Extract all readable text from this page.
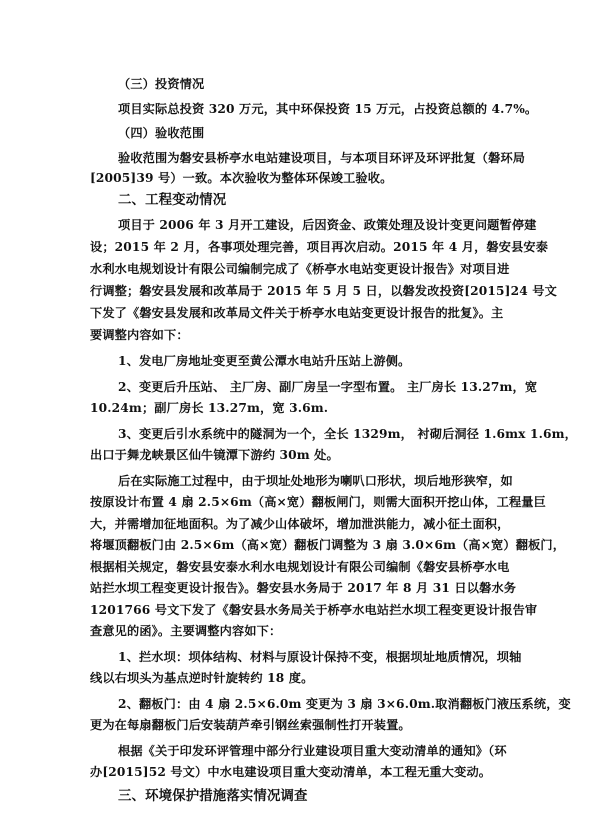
（三）投资情况
项目实际总投资 320 万元，其中环保投资 15 万元，占投资总额的 4.7%。
（四）验收范围
验收范围为磐安县桥亭水电站建设项目，与本项目环评及环评批复（磐环局
[2005]39 号）一致。本次验收为整体环保竣工验收。
二、工程变动情况
项目于 2006 年 3 月开工建设，后因资金、政策处理及设计变更问题暂停建
设；2015 年 2 月，各事项处理完善，项目再次启动。2015 年 4 月，磐安县安泰
水利水电规划设计有限公司编制完成了《桥亭水电站变更设计报告》对项目进
行调整；磐安县发展和改革局于 2015 年 5 月 5 日，以磐发改投资[2015]24 号文
下发了《磐安县发展和改革局文件关于桥亭水电站变更设计报告的批复》。主
要调整内容如下：
1、发电厂房地址变更至黄公潭水电站升压站上游侧。
2、变更后升压站、 主厂房、副厂房呈一字型布置。 主厂房长 13.27m，宽
10.24m；副厂房长 13.27m，宽 3.6m.
3、变更后引水系统中的隧洞为一个，全长 1329m， 衬砌后洞径 1.6mx 1.6m，
出口于舞龙峡景区仙牛镜潭下游约 30m 处。
后在实际施工过程中，由于坝址处地形为喇叭口形状，坝后地形狭窄，如
按原设计布置 4 扇 2.5×6m（高×宽）翻板闸门，则需大面积开挖山体，工程量巨
大，并需增加征地面积。为了减少山体破坏，增加泄洪能力，减小征土面积，
将堰顶翻板门由 2.5×6m（高×宽）翻板门调整为 3 扇 3.0×6m（高×宽）翻板门，
根据相关规定，磐安县安泰水利水电规划设计有限公司编制《磐安县桥亭水电
站拦水坝工程变更设计报告》。磐安县水务局于 2017 年 8 月 31 日以磐水务
1201766 号文下发了《磐安县水务局关于桥亭水电站拦水坝工程变更设计报告审
查意见的函》。主要调整内容如下：
1、拦水坝：坝体结构、材料与原设计保持不变，根据坝址地质情况，坝轴
线以右坝头为基点逆时针旋转约 18 度。
2、翻板门：由 4 扇 2.5×6.0m 变更为 3 扇 3×6.0m.取消翻板门液压系统，变
更为在每扇翻板门后安装葫芦牵引钢丝索强制性打开装置。
根据《关于印发环评管理中部分行业建设项目重大变动清单的通知》（环
办[2015]52 号文）中水电建设项目重大变动清单，本工程无重大变动。
三、环境保护措施落实情况调查
